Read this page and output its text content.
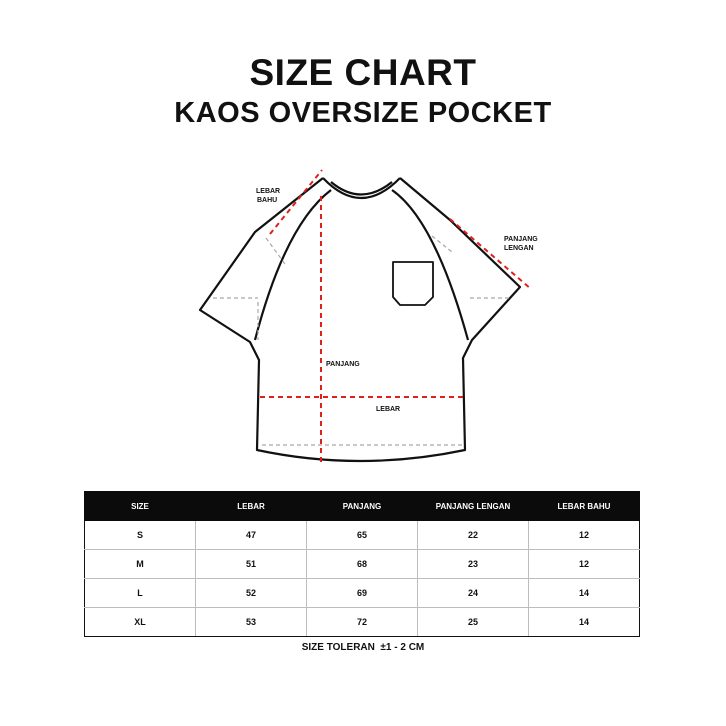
SIZE CHART
KAOS OVERSIZE POCKET
LEBAR
BAHU
PANJANG
LENGAN
PANJANG
LEBAR
SIZE	LEBAR	PANJANG	PANJANG LENGAN	LEBAR BAHU
S	47	65	22	12
M	51	68	23	12
L	52	69	24	14
XL	53	72	25	14
SIZE TOLERAN  ±1 - 2 CM
